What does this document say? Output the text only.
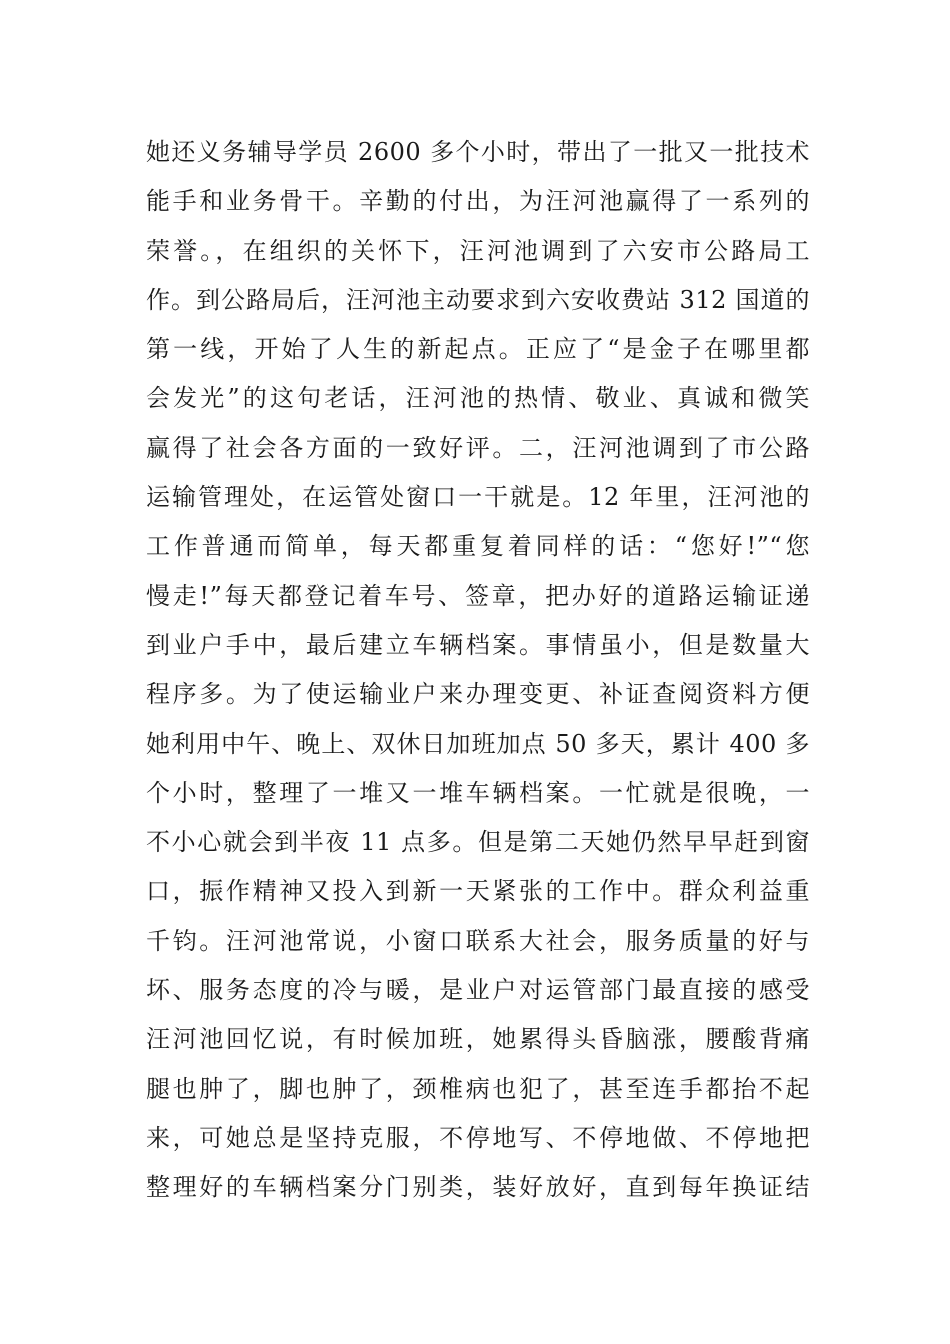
她还义务辅导学员 2600 多个小时，带出了一批又一批技术
能手和业务骨干。辛勤的付出，为汪河池赢得了一系列的
荣誉。，在组织的关怀下，汪河池调到了六安市公路局工
作。到公路局后，汪河池主动要求到六安收费站 312 国道的
第一线，开始了人生的新起点。正应了“是金子在哪里都
会发光”的这句老话，汪河池的热情、敬业、真诚和微笑
赢得了社会各方面的一致好评。二，汪河池调到了市公路
运输管理处，在运管处窗口一干就是。12 年里，汪河池的
工作普通而简单，每天都重复着同样的话：“您好!”“您
慢走!”每天都登记着车号、签章，把办好的道路运输证递
到业户手中，最后建立车辆档案。事情虽小，但是数量大
程序多。为了使运输业户来办理变更、补证查阅资料方便
她利用中午、晚上、双休日加班加点 50 多天，累计 400 多
个小时，整理了一堆又一堆车辆档案。一忙就是很晚，一
不小心就会到半夜 11 点多。但是第二天她仍然早早赶到窗
口，振作精神又投入到新一天紧张的工作中。群众利益重
千钧。汪河池常说，小窗口联系大社会，服务质量的好与
坏、服务态度的冷与暖，是业户对运管部门最直接的感受
汪河池回忆说，有时候加班，她累得头昏脑涨，腰酸背痛
腿也肿了，脚也肿了，颈椎病也犯了，甚至连手都抬不起
来，可她总是坚持克服，不停地写、不停地做、不停地把
整理好的车辆档案分门别类，装好放好，直到每年换证结
